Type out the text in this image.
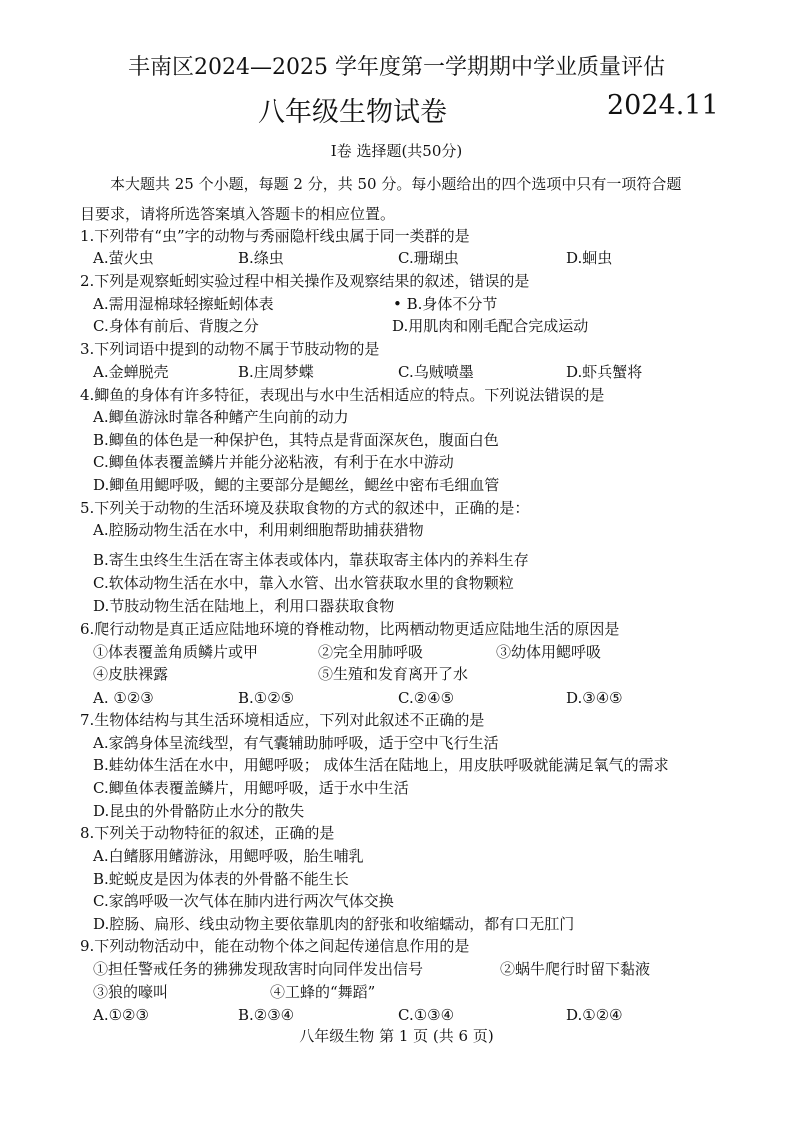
丰南区2024—2025 学年度第一学期期中学业质量评估
八年级生物试卷	2024.11
Ⅰ卷 选择题(共50分)
本大题共 25 个小题，每题 2 分，共 50 分。每小题给出的四个选项中只有一项符合题
目要求，请将所选答案填入答题卡的相应位置。
1.下列带有“虫”字的动物与秀丽隐杆线虫属于同一类群的是
A.萤火虫	B.绦虫	C.珊瑚虫	D.蛔虫
2.下列是观察蚯蚓实验过程中相关操作及观察结果的叙述，错误的是
A.需用湿棉球轻擦蚯蚓体表	• B.身体不分节
C.身体有前后、背腹之分	D.用肌肉和刚毛配合完成运动
3.下列词语中提到的动物不属于节肢动物的是
A.金蝉脱壳	B.庄周梦蝶	C.乌贼喷墨	D.虾兵蟹将
4.鲫鱼的身体有许多特征，表现出与水中生活相适应的特点。下列说法错误的是
A.鲫鱼游泳时靠各种鳍产生向前的动力
B.鲫鱼的体色是一种保护色，其特点是背面深灰色，腹面白色
C.鲫鱼体表覆盖鳞片并能分泌粘液，有利于在水中游动
D.鲫鱼用鳃呼吸，鳃的主要部分是鳃丝，鳃丝中密布毛细血管
5.下列关于动物的生活环境及获取食物的方式的叙述中，正确的是：
A.腔肠动物生活在水中，利用刺细胞帮助捕获猎物
B.寄生虫终生生活在寄主体表或体内，靠获取寄主体内的养料生存
C.软体动物生活在水中，靠入水管、出水管获取水里的食物颗粒
D.节肢动物生活在陆地上，利用口器获取食物
6.爬行动物是真正适应陆地环境的脊椎动物，比两栖动物更适应陆地生活的原因是
①体表覆盖角质鳞片或甲	②完全用肺呼吸	③幼体用鳃呼吸
④皮肤裸露	⑤生殖和发育离开了水
A. ①②③	B.①②⑤	C.②④⑤	D.③④⑤
7.生物体结构与其生活环境相适应，下列对此叙述不正确的是
A.家鸽身体呈流线型，有气囊辅助肺呼吸，适于空中飞行生活
B.蛙幼体生活在水中，用鳃呼吸； 成体生活在陆地上，用皮肤呼吸就能满足氧气的需求
C.鲫鱼体表覆盖鳞片，用鳃呼吸，适于水中生活
D.昆虫的外骨骼防止水分的散失
8.下列关于动物特征的叙述，正确的是
A.白鳍豚用鳍游泳，用鳃呼吸，胎生哺乳
B.蛇蜕皮是因为体表的外骨骼不能生长
C.家鸽呼吸一次气体在肺内进行两次气体交换
D.腔肠、扁形、线虫动物主要依靠肌肉的舒张和收缩蠕动，都有口无肛门
9.下列动物活动中，能在动物个体之间起传递信息作用的是
①担任警戒任务的狒狒发现敌害时向同伴发出信号	②蜗牛爬行时留下黏液
③狼的嚎叫	④工蜂的“舞蹈”
A.①②③	B.②③④	C.①③④	D.①②④
八年级生物 第 1 页 (共 6 页)
